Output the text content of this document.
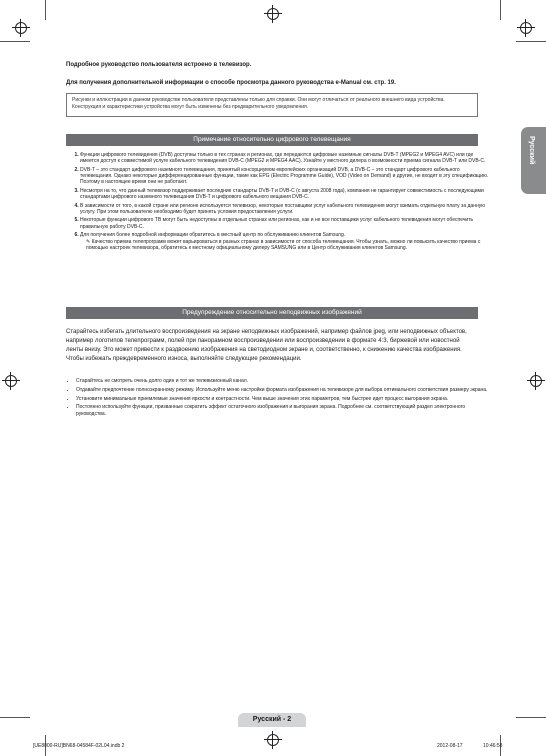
Подробное руководство пользователя встроено в телевизор.
Для получения дополнительной информации о способе просмотра данного руководства e-Manual см. стр. 19.
Рисунки и иллюстрации в данном руководстве пользователя представлены только для справки. Они могут отличаться от реального внешнего вида устройства. Конструкция и характеристики устройства могут быть изменены без предварительного уведомления.
Русский
Примечание относительно цифрового телевещания
1. Функции цифрового телевидения (DVB) доступны только в тех странах и регионах, где передаются цифровые наземные сигналы DVB-T (MPEG2 и MPEG4 AVC) или где имеется доступ к совместимой услуге кабельного телевидения DVB-C (MPEG2 и MPEG4 AAC). Узнайте у местного дилера о возможности приема сигнала DVB-T или DVB-C.
2. DVB-T – это стандарт цифрового наземного телевещания, принятый консорциумом европейских организаций DVB, а DVB-C – это стандарт цифрового кабельного телевещания. Однако некоторые дифференцированные функции, такие как EPG (Electric Programme Guide), VOD (Video on Demand) и другие, не входят в эту спецификацию. Поэтому в настоящее время они не работают.
3. Несмотря на то, что данный телевизор поддерживает последние стандарты DVB-T и DVB-C (с августа 2008 года), компания не гарантирует совместимость с последующими стандартами цифрового наземного телевещания DVB-T и цифрового кабельного вещания DVB-C.
4. В зависимости от того, в какой стране или регионе используется телевизор, некоторые поставщики услуг кабельного телевидения могут взимать отдельную плату за данную услугу. При этом пользователю необходимо будет принять условия предоставления услуги.
5. Некоторые функции цифрового ТВ могут быть недоступны в отдельных странах или регионах, как и не все поставщики услуг кабельного телевидения могут обеспечить правильную работу DVB-C.
6. Для получения более подробной информации обратитесь в местный центр по обслуживанию клиентов Samsung.
✎ Качество приема телепрограмм может варьироваться в разных странах в зависимости от способа телевещания. Чтобы узнать, можно ли повысить качество приема с помощью настроек телевизора, обратитесь к местному официальному дилеру SAMSUNG или в Центр обслуживания клиентов Samsung.
Предупреждение относительно неподвижных изображений
Старайтесь избегать длительного воспроизведения на экране неподвижных изображений, например файлов jpeg, или неподвижных объектов, например логотипов телепрограмм, полей при панорамном воспроизведении или воспроизведении в формате 4:3, биржевой или новостной ленты внизу. Это может привести к раздвоению изображения на светодиодном экране и, соответственно, к снижению качества изображения. Чтобы избежать преждевременного износа, выполняйте следующие рекомендации.
• Старайтесь не смотреть очень долго один и тот же телевизионный канал.
• Отдавайте предпочтение полноэкранному режиму. Используйте меню настройки формата изображения на телевизоре для выбора оптимального соответствия размеру экрана.
• Установите минимальные приемлемые значения яркости и контрастности. Чем выше значения этих параметров, тем быстрее идет процесс выгорания экрана.
• Постоянно используйте функции, призванные сократить эффект остаточного изображения и выгорания экрана. Подробнее см. соответствующий раздел электронного руководства.
Русский - 2
[UE8000-RU]BN68-04584F-02L04.indb 2	2012-08-17	10:46:58
